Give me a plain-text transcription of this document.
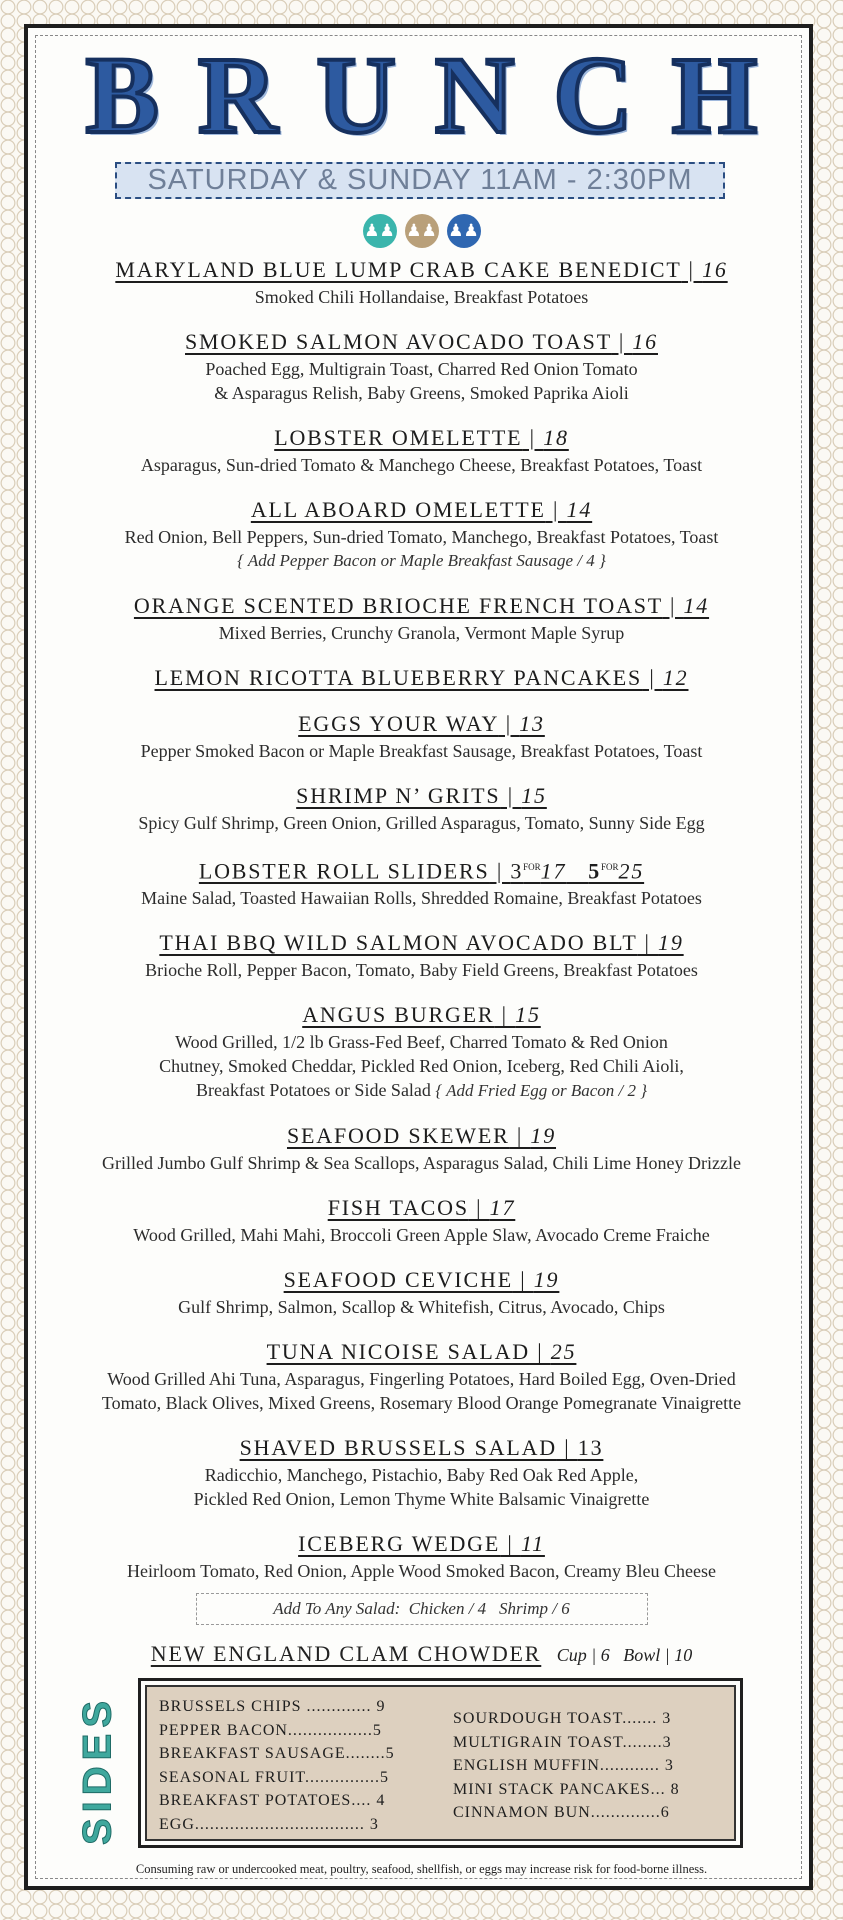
BRUNCH
SATURDAY & SUNDAY 11AM - 2:30PM
♟♟ ♟♟ ♟♟
MARYLAND BLUE LUMP CRAB CAKE BENEDICT | 16
Smoked Chili Hollandaise, Breakfast Potatoes
SMOKED SALMON AVOCADO TOAST | 16
Poached Egg, Multigrain Toast, Charred Red Onion Tomato
& Asparagus Relish, Baby Greens, Smoked Paprika Aioli
LOBSTER OMELETTE | 18
Asparagus, Sun-dried Tomato & Manchego Cheese, Breakfast Potatoes, Toast
ALL ABOARD OMELETTE | 14
Red Onion, Bell Peppers, Sun-dried Tomato, Manchego, Breakfast Potatoes, Toast
{ Add Pepper Bacon or Maple Breakfast Sausage / 4 }
ORANGE SCENTED BRIOCHE FRENCH TOAST | 14
Mixed Berries, Crunchy Granola, Vermont Maple Syrup
LEMON RICOTTA BLUEBERRY PANCAKES | 12
EGGS YOUR WAY | 13
Pepper Smoked Bacon or Maple Breakfast Sausage, Breakfast Potatoes, Toast
SHRIMP N’ GRITS | 15
Spicy Gulf Shrimp, Green Onion, Grilled Asparagus, Tomato, Sunny Side Egg
LOBSTER ROLL SLIDERS | $3^{FOR}17$ $5^{FOR}25$
Maine Salad, Toasted Hawaiian Rolls, Shredded Romaine, Breakfast Potatoes
THAI BBQ WILD SALMON AVOCADO BLT | 19
Brioche Roll, Pepper Bacon, Tomato, Baby Field Greens, Breakfast Potatoes
ANGUS BURGER | 15
Wood Grilled, 1/2 lb Grass-Fed Beef, Charred Tomato & Red Onion
Chutney, Smoked Cheddar, Pickled Red Onion, Iceberg, Red Chili Aioli,
Breakfast Potatoes or Side Salad { Add Fried Egg or Bacon / 2 }
SEAFOOD SKEWER | 19
Grilled Jumbo Gulf Shrimp & Sea Scallops, Asparagus Salad, Chili Lime Honey Drizzle
FISH TACOS | 17
Wood Grilled, Mahi Mahi, Broccoli Green Apple Slaw, Avocado Creme Fraiche
SEAFOOD CEVICHE | 19
Gulf Shrimp, Salmon, Scallop & Whitefish, Citrus, Avocado, Chips
TUNA NICOISE SALAD | 25
Wood Grilled Ahi Tuna, Asparagus, Fingerling Potatoes, Hard Boiled Egg, Oven-Dried
Tomato, Black Olives, Mixed Greens, Rosemary Blood Orange Pomegranate Vinaigrette
SHAVED BRUSSELS SALAD | 13
Radicchio, Manchego, Pistachio, Baby Red Oak Red Apple,
Pickled Red Onion, Lemon Thyme White Balsamic Vinaigrette
ICEBERG WEDGE | 11
Heirloom Tomato, Red Onion, Apple Wood Smoked Bacon, Creamy Bleu Cheese
Add To Any Salad: Chicken / 4 Shrimp / 6
NEW ENGLAND CLAM CHOWDER Cup | 6 Bowl | 10

SIDES BRUSSELS CHIPS ............. 9
PEPPER BACON.................5
BREAKFAST SAUSAGE........5
SEASONAL FRUIT...............5
BREAKFAST POTATOES.... 4
EGG.................................. 3
SOURDOUGH TOAST....... 3
MULTIGRAIN TOAST........3
ENGLISH MUFFIN............ 3
MINI STACK PANCAKES... 8
CINNAMON BUN..............6
Consuming raw or undercooked meat, poultry, seafood, shellfish, or eggs may increase risk for food-borne illness.
